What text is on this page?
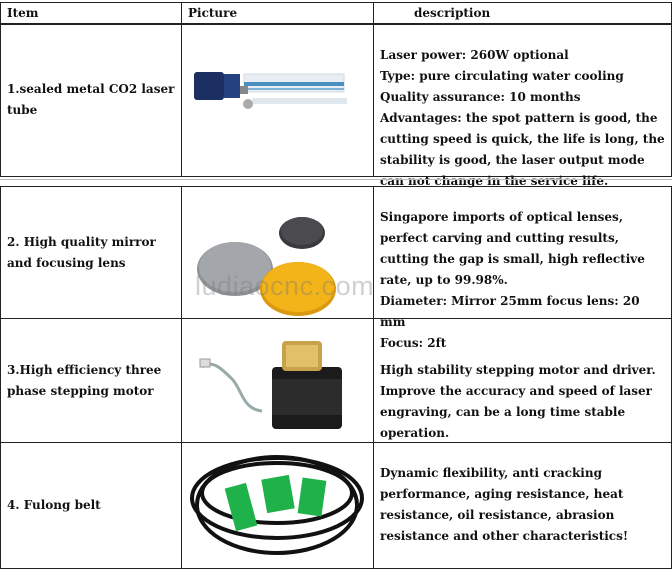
Item	Picture	description
1.sealed metal CO2 laser tube

Laser power: 260W optional

Type: pure circulating water cooling

Quality assurance: 10 months

Advantages: the spot pattern is good, the cutting speed is quick, the life is long, the stability is good, the laser output mode can not change in the service life.

2. High quality mirror and focusing lens

Singapore imports of optical lenses, perfect carving and cutting results, cutting the gap is small, high reflective rate, up to 99.98%.

Diameter: Mirror 25mm focus lens: 20 mm

Focus: 2ft

3.High efficiency three phase stepping motor

High stability stepping motor and driver. Improve the accuracy and speed of laser engraving, can be a long time stable operation.

4. Fulong belt

Dynamic flexibility, anti cracking performance, aging resistance, heat resistance, oil resistance, abrasion resistance and other characteristics!

ludiaocnc.com
